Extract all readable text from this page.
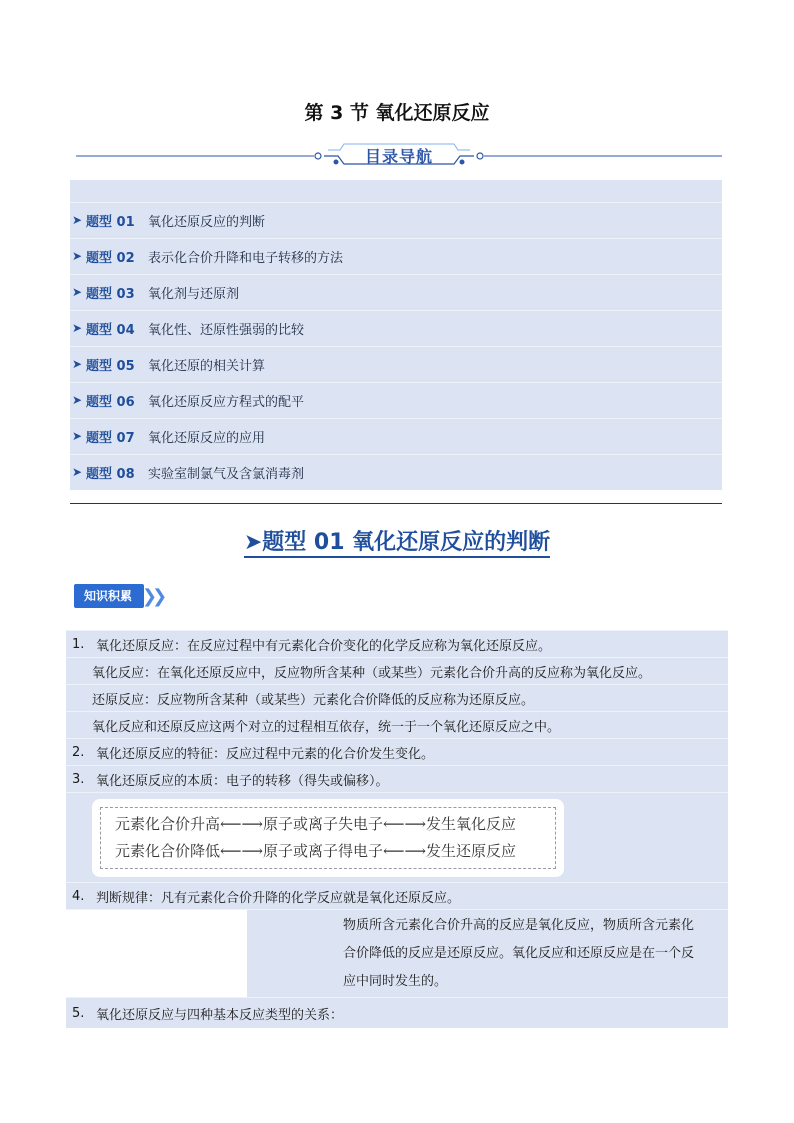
第 3 节 氧化还原反应
目录导航
➤ 题型 01	氧化还原反应的判断
➤ 题型 02	表示化合价升降和电子转移的方法
➤ 题型 03	氧化剂与还原剂
➤ 题型 04	氧化性、还原性强弱的比较
➤ 题型 05	氧化还原的相关计算
➤ 题型 06	氧化还原反应方程式的配平
➤ 题型 07	氧化还原反应的应用
➤ 题型 08	实验室制氯气及含氯消毒剂
➤题型 01 氧化还原反应的判断
知识积累 ❯❯
1. 氧化还原反应：在反应过程中有元素化合价变化的化学反应称为氧化还原反应。
氧化反应：在氧化还原反应中，反应物所含某种（或某些）元素化合价升高的反应称为氧化反应。
还原反应：反应物所含某种（或某些）元素化合价降低的反应称为还原反应。
氧化反应和还原反应这两个对立的过程相互依存，统一于一个氧化还原反应之中。
2. 氧化还原反应的特征：反应过程中元素的化合价发生变化。
3. 氧化还原反应的本质：电子的转移（得失或偏移）。
元素化合价升高⟵⟶原子或离子失电子⟵⟶发生氧化反应
元素化合价降低⟵⟶原子或离子得电子⟵⟶发生还原反应
4. 判断规律：凡有元素化合价升降的化学反应就是氧化还原反应。
物质所含元素化合价升高的反应是氧化反应，物质所含元素化
合价降低的反应是还原反应。氧化反应和还原反应是在一个反
应中同时发生的。
5. 氧化还原反应与四种基本反应类型的关系：
